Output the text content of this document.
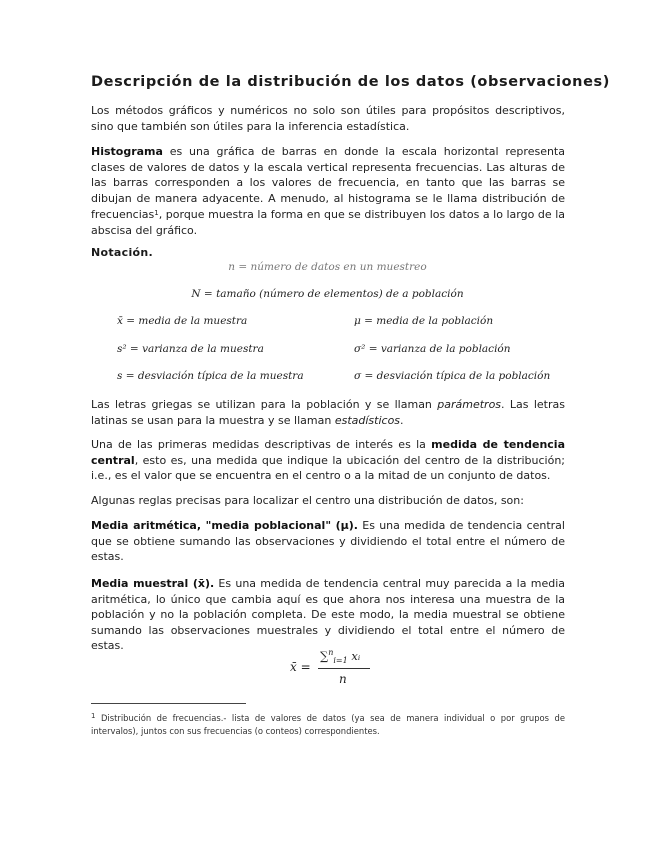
Descripción de la distribución de los datos (observaciones)

Los métodos gráficos y numéricos no solo son útiles para propósitos descriptivos, sino que también son útiles para la inferencia estadística.

Histograma es una gráfica de barras en donde la escala horizontal representa clases de valores de datos y la escala vertical representa frecuencias. Las alturas de las barras corresponden a los valores de frecuencia, en tanto que las barras se dibujan de manera adyacente. A menudo, al histograma se le llama distribución de frecuencias$^1$, porque muestra la forma en que se distribuyen los datos a lo largo de la abscisa del gráfico.

Notación.

n = número de datos en un muestreo
N = tamaño (número de elementos) de a población
x̄ = media de la muestra	μ = media de la población
s² = varianza de la muestra	σ² = varianza de la población
s = desviación típica de la muestra	σ = desviación típica de la población

Las letras griegas se utilizan para la población y se llaman parámetros. Las letras latinas se usan para la muestra y se llaman estadísticos.

Una de las primeras medidas descriptivas de interés es la medida de tendencia central, esto es, una medida que indique la ubicación del centro de la distribución; i.e., es el valor que se encuentra en el centro o a la mitad de un conjunto de datos.

Algunas reglas precisas para localizar el centro una distribución de datos, son:

Media aritmética, "media poblacional" (μ). Es una medida de tendencia central que se obtiene sumando las observaciones y dividiendo el total entre el número de estas.

Media muestral (x̄). Es una medida de tendencia central muy parecida a la media aritmética, lo único que cambia aquí es que ahora nos interesa una muestra de la población y no la población completa. De este modo, la media muestral se obtiene sumando las observaciones muestrales y dividiendo el total entre el número de estas.

x̄ =
∑$^n_{i=1}$ xᵢ
n

$^1$ Distribución de frecuencias.- lista de valores de datos (ya sea de manera individual o por grupos de intervalos), juntos con sus frecuencias (o conteos) correspondientes.
